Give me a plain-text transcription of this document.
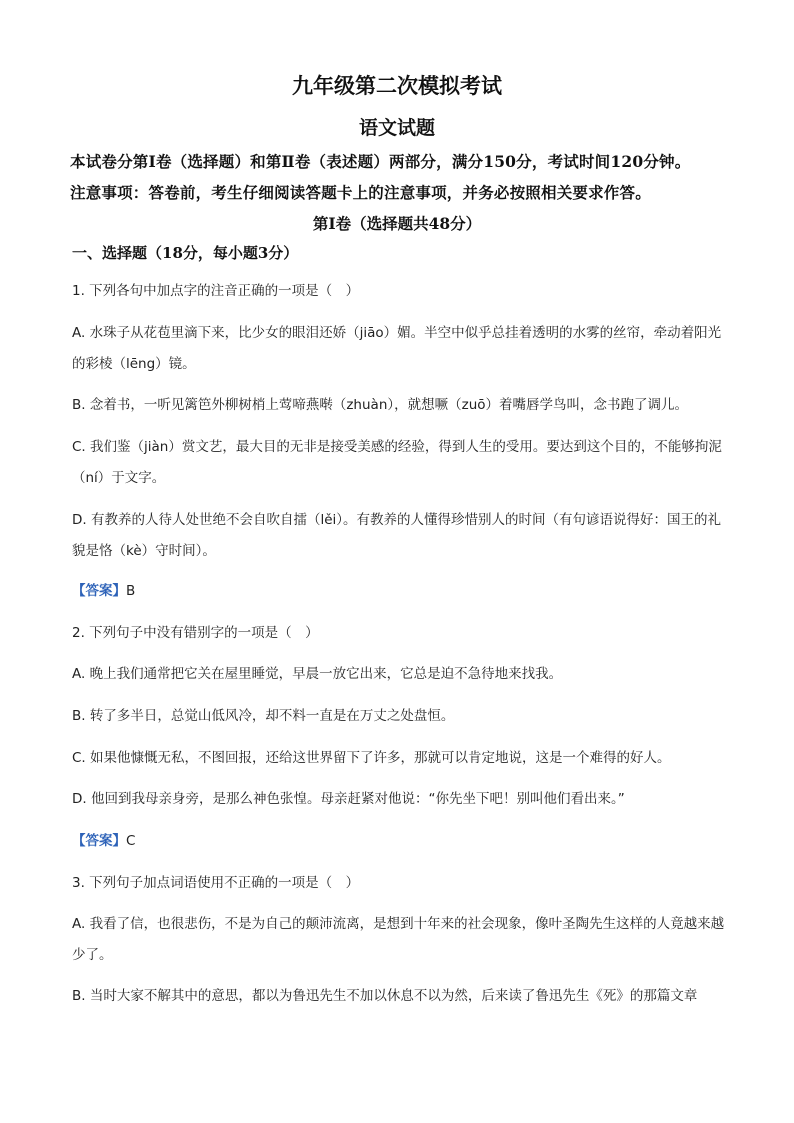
九年级第二次模拟考试
语文试题
本试卷分第Ⅰ卷（选择题）和第Ⅱ卷（表述题）两部分，满分150分，考试时间120分钟。
注意事项：答卷前，考生仔细阅读答题卡上的注意事项，并务必按照相关要求作答。
第Ⅰ卷（选择题共48分）
一、选择题（18分，每小题3分）
1. 下列各句中加点字的注音正确的一项是（　）
A. 水珠子从花苞里滴下来，比少女的眼泪还娇（jiāo）媚。半空中似乎总挂着透明的水雾的丝帘，牵动着阳光的彩棱（lēng）镜。
B. 念着书，一听见篱笆外柳树梢上莺啼燕啭（zhuàn），就想噘（zuō）着嘴唇学鸟叫，念书跑了调儿。
C. 我们鉴（jiàn）赏文艺，最大目的无非是接受美感的经验，得到人生的受用。要达到这个目的，不能够拘泥（ní）于文字。
D. 有教养的人待人处世绝不会自吹自擂（lěi）。有教养的人懂得珍惜别人的时间（有句谚语说得好：国王的礼貌是恪（kè）守时间）。
【答案】B
2. 下列句子中没有错别字的一项是（　）
A. 晚上我们通常把它关在屋里睡觉，早晨一放它出来，它总是迫不急待地来找我。
B. 转了多半日，总觉山低风冷，却不料一直是在万丈之处盘恒。
C. 如果他慷慨无私，不图回报，还给这世界留下了许多，那就可以肯定地说，这是一个难得的好人。
D. 他回到我母亲身旁，是那么神色张惶。母亲赶紧对他说：“你先坐下吧！别叫他们看出来。”
【答案】C
3. 下列句子加点词语使用不正确的一项是（　）
A. 我看了信，也很悲伤，不是为自己的颠沛流离，是想到十年来的社会现象，像叶圣陶先生这样的人竟越来越少了。
B. 当时大家不解其中的意思，都以为鲁迅先生不加以休息不以为然，后来读了鲁迅先生《死》的那篇文章
